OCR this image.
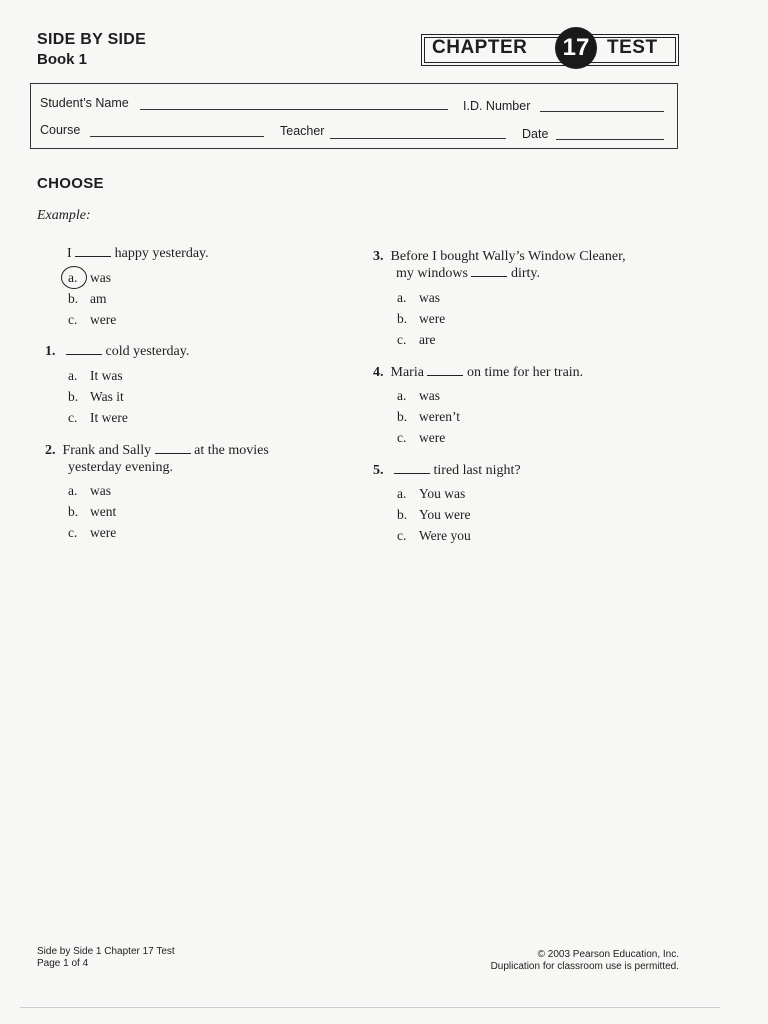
SIDE BY SIDE
Book 1
CHAPTER	17 TEST
Student’s Name	I.D. Number
Course	Teacher	Date
CHOOSE
Example:
I	happy yesterday.
a. was
b. am
c. were
1.	cold yesterday.
a. It was
b. Was it
c. It were
2. Frank and Sally	at the movies
yesterday evening.
a. was
b. went
c. were
3. Before I bought Wally’s Window Cleaner,
my windows	dirty.
a. was
b. were
c. are
4. Maria	on time for her train.
a. was
b. weren’t
c. were
5.	tired last night?
a. You was
b. You were
c. Were you
Side by Side 1 Chapter 17 Test
Page 1 of 4
© 2003 Pearson Education, Inc.
Duplication for classroom use is permitted.
